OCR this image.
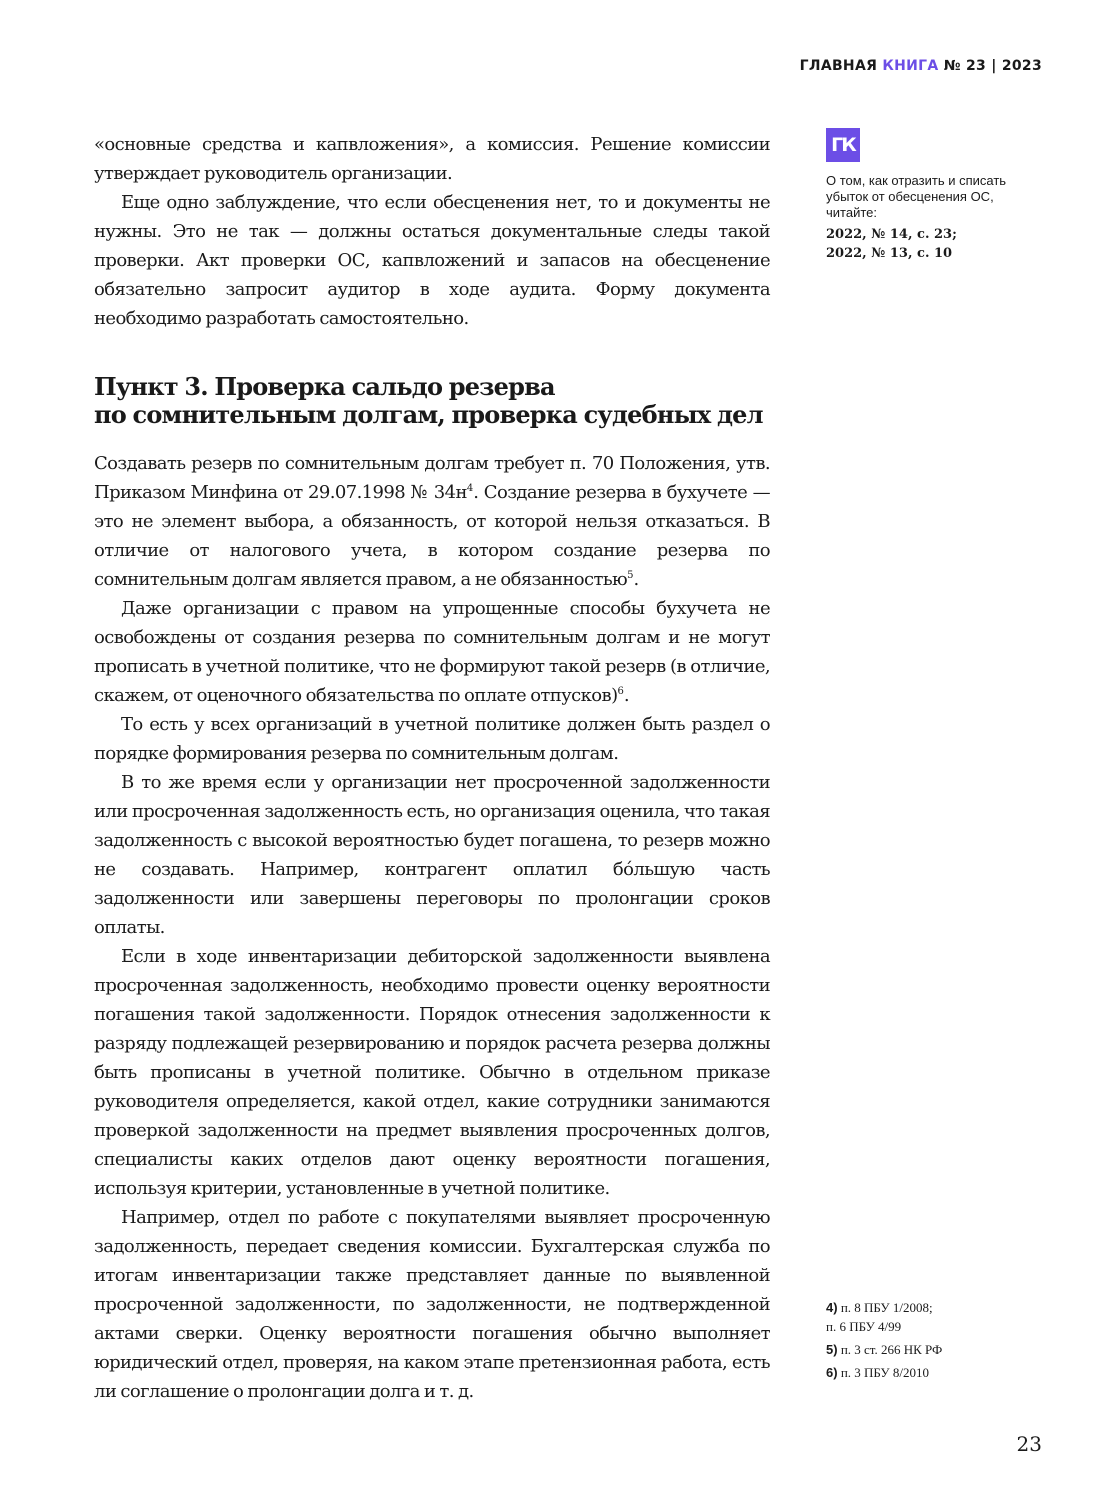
ГЛАВНАЯ КНИГА № 23 | 2023

«основные средства и капвложения», а комиссия. Решение комиссии утверждает руководитель организации.

Еще одно заблуждение, что если обесценения нет, то и документы не нужны. Это не так — должны остаться документальные следы такой проверки. Акт проверки ОС, капвложений и запасов на обесценение обязательно запросит аудитор в ходе аудита. Форму документа необходимо разработать самостоятельно.

Пункт 3. Проверка сальдо резерва
по сомнительным долгам, проверка судебных дел

Создавать резерв по сомнительным долгам требует п. 70 Положения, утв. Приказом Минфина от 29.07.1998 № $34н^4$. Создание резерва в бухучете — это не элемент выбора, а обязанность, от которой нельзя отказаться. В отличие от налогового учета, в котором создание резерва по сомнительным долгам является правом, а не обязанностью$^5$.

Даже организации с правом на упрощенные способы бухучета не освобождены от создания резерва по сомнительным долгам и не могут прописать в учетной политике, что не формируют такой резерв (в отличие, скажем, от оценочного обязательства по оплате отпусков)$^6$.

То есть у всех организаций в учетной политике должен быть раздел о порядке формирования резерва по сомнительным долгам.

В то же время если у организации нет просроченной задолженности или просроченная задолженность есть, но организация оценила, что такая задолженность с высокой вероятностью будет погашена, то резерв можно не создавать. Например, контрагент оплатил бóльшую часть задолженности или завершены переговоры по пролонгации сроков оплаты.

Если в ходе инвентаризации дебиторской задолженности выявлена просроченная задолженность, необходимо провести оценку вероятности погашения такой задолженности. Порядок отнесения задолженности к разряду подлежащей резервированию и порядок расчета резерва должны быть прописаны в учетной политике. Обычно в отдельном приказе руководителя определяется, какой отдел, какие сотрудники занимаются проверкой задолженности на предмет выявления просроченных долгов, специалисты каких отделов дают оценку вероятности погашения, используя критерии, установленные в учетной политике.

Например, отдел по работе с покупателями выявляет просроченную задолженность, передает сведения комиссии. Бухгалтерская служба по итогам инвентаризации также представляет данные по выявленной просроченной задолженности, по задолженности, не подтвержденной актами сверки. Оценку вероятности погашения обычно выполняет юридический отдел, проверяя, на каком этапе претензионная работа, есть ли соглашение о пролонгации долга и т. д.

ГК
О том, как отразить и списать убыток от обесценения ОС, читайте:
2022, № 14, с. 23;
2022, № 13, с. 10
4) п. 8 ПБУ 1/2008;
п. 6 ПБУ 4/99
5) п. 3 ст. 266 НК РФ
6) п. 3 ПБУ 8/2010
23
